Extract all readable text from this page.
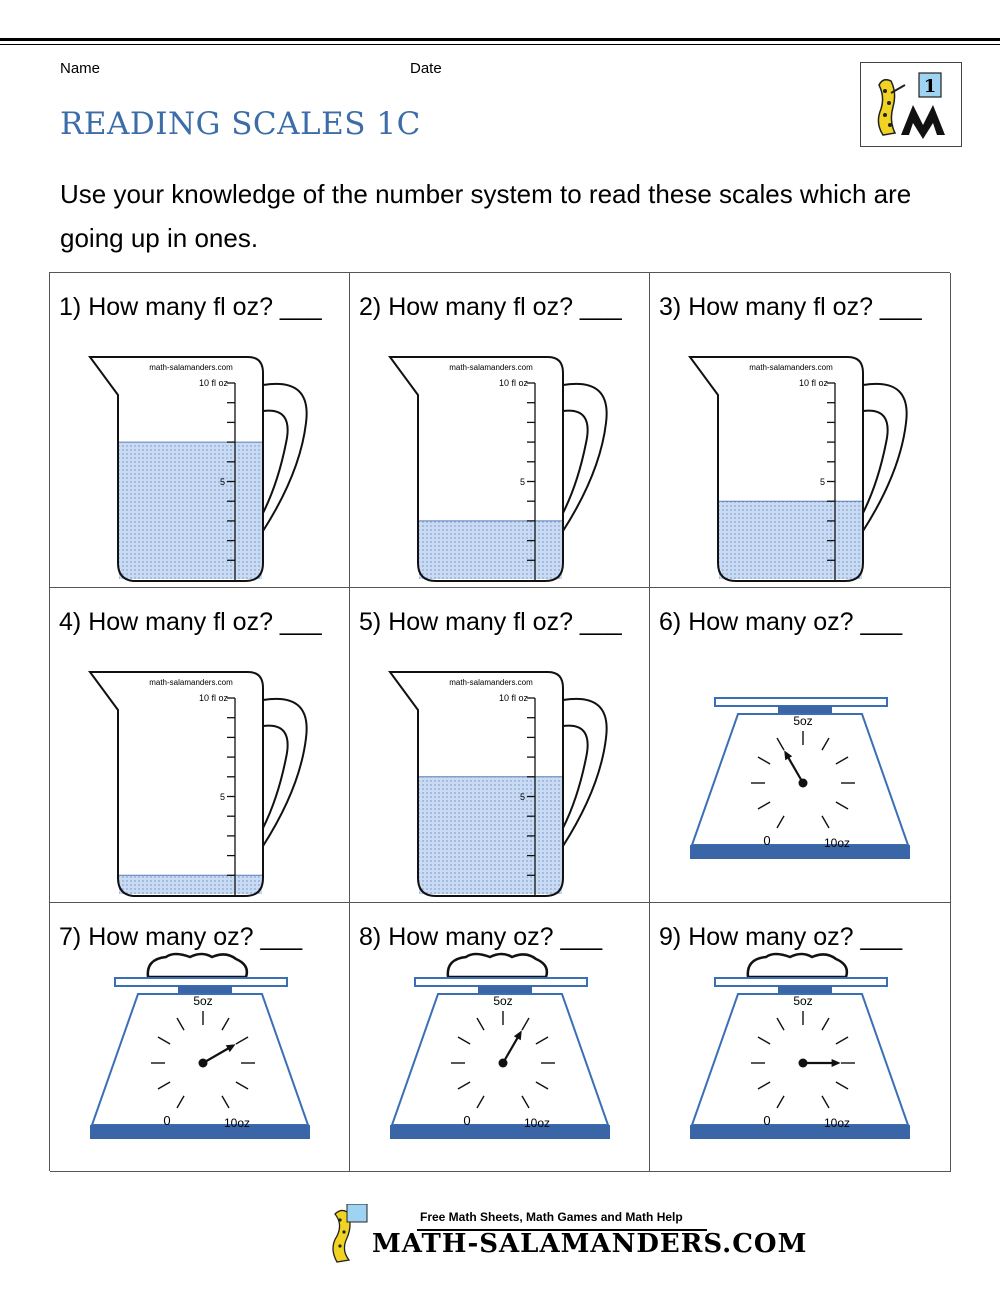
Name	Date
READING SCALES 1C
1
Use your knowledge of the number system to read these scales which are going up in ones.
1) How many fl oz? ___
math-salamanders.com
10 fl oz
5
2) How many fl oz? ___
math-salamanders.com
10 fl oz
5
3) How many fl oz? ___
math-salamanders.com
10 fl oz
5
4) How many fl oz? ___
math-salamanders.com
10 fl oz
5
5) How many fl oz? ___
math-salamanders.com
10 fl oz
5
6) How many oz? ___
0
5oz
10oz
7) How many oz? ___
0
5oz
10oz
8) How many oz? ___
0
5oz
10oz
9) How many oz? ___
0
5oz
10oz
Free Math Sheets, Math Games and Math Help
MATH-SALAMANDERS.COM
